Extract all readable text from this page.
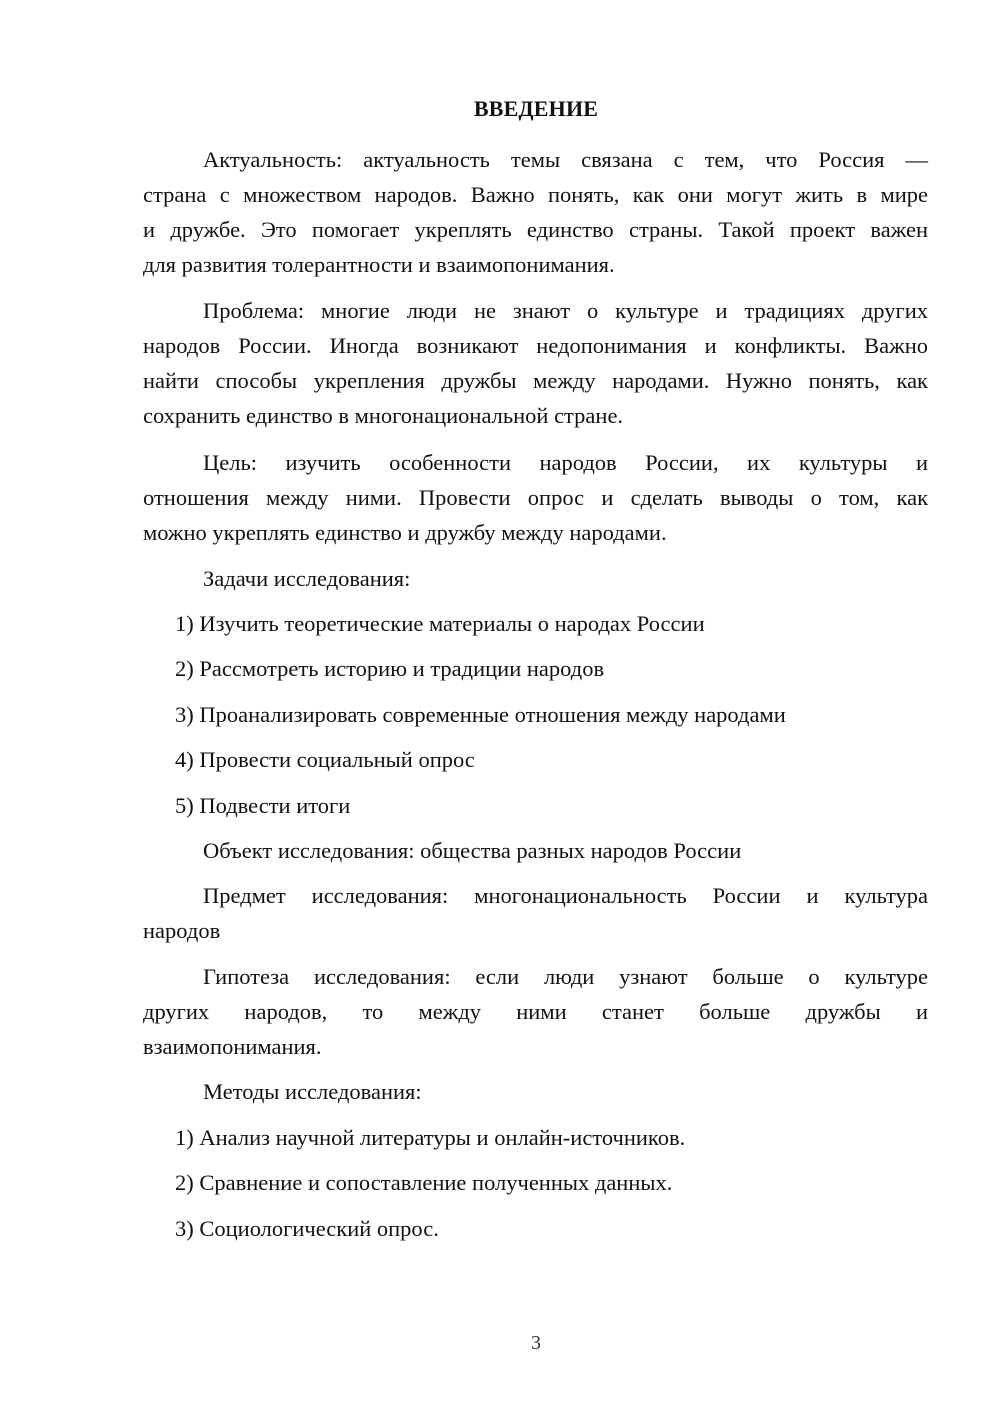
ВВЕДЕНИЕ
Актуальность: актуальность темы связана с тем, что Россия —
страна с множеством народов. Важно понять, как они могут жить в мире
и дружбе. Это помогает укреплять единство страны. Такой проект важен
для развития толерантности и взаимопонимания.
Проблема: многие люди не знают о культуре и традициях других
народов России. Иногда возникают недопонимания и конфликты. Важно
найти способы укрепления дружбы между народами. Нужно понять, как
сохранить единство в многонациональной стране.
Цель: изучить особенности народов России, их культуры и
отношения между ними. Провести опрос и сделать выводы о том, как
можно укреплять единство и дружбу между народами.
Задачи исследования:
1) Изучить теоретические материалы о народах России
2) Рассмотреть историю и традиции народов
3) Проанализировать современные отношения между народами
4) Провести социальный опрос
5) Подвести итоги
Объект исследования: общества разных народов России
Предмет исследования: многонациональность России и культура
народов
Гипотеза исследования: если люди узнают больше о культуре
других народов, то между ними станет больше дружбы и
взаимопонимания.
Методы исследования:
1) Анализ научной литературы и онлайн-источников.
2) Сравнение и сопоставление полученных данных.
3) Социологический опрос.
3
